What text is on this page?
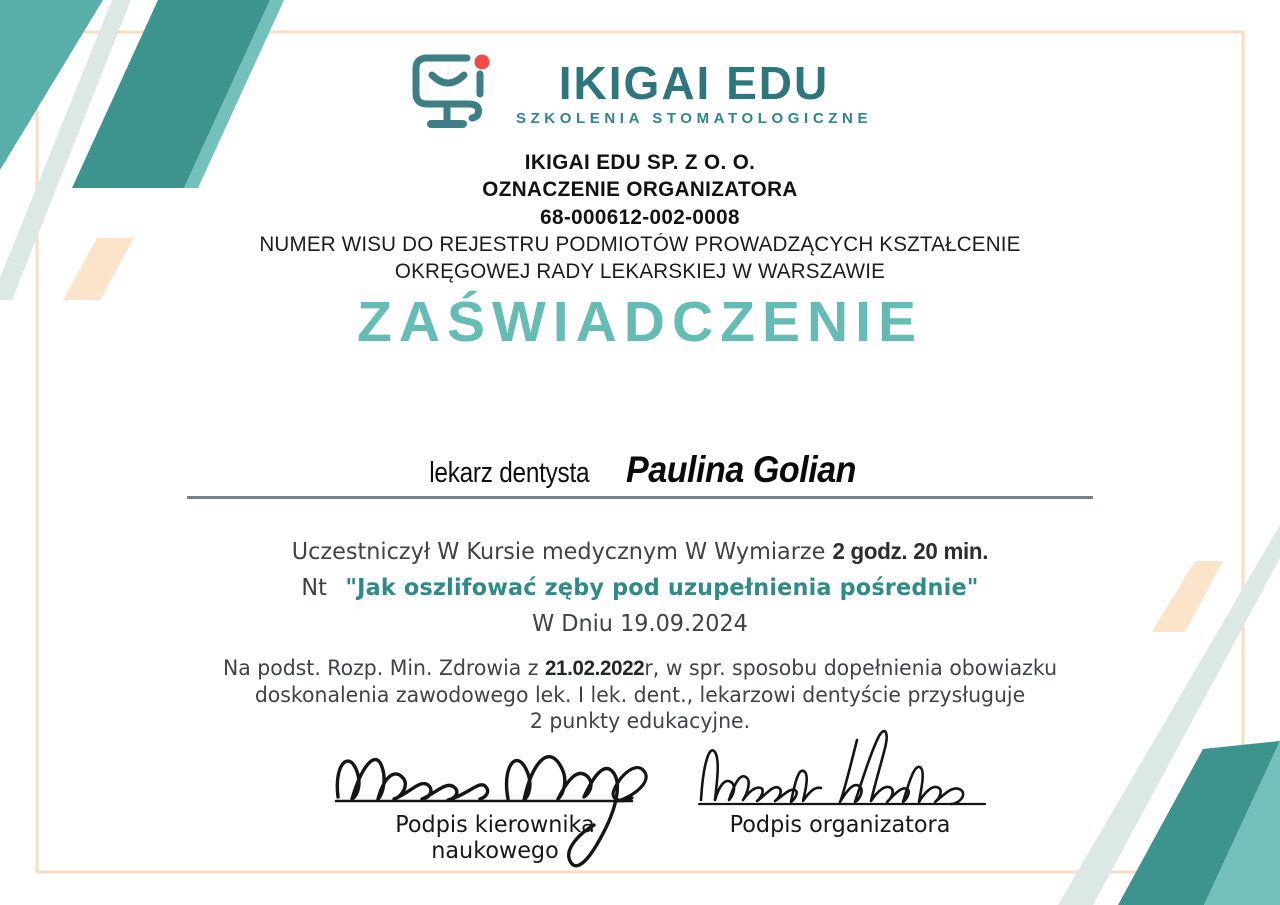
IKIGAI EDU
SZKOLENIA STOMATOLOGICZNE
IKIGAI EDU SP. Z O. O.
OZNACZENIE ORGANIZATORA
68-000612-002-0008
NUMER WISU DO REJESTRU PODMIOTÓW PROWADZĄCYCH KSZTAŁCENIE
OKRĘGOWEJ RADY LEKARSKIEJ W WARSZAWIE
ZAŚWIADCZENIE
lekarz dentysta Paulina Golian
Uczestniczył W Kursie medycznym W Wymiarze 2 godz. 20 min.
Nt "Jak oszlifować zęby pod uzupełnienia pośrednie"
W Dniu 19.09.2024
Na podst. Rozp. Min. Zdrowia z 21.02.2022r, w spr. sposobu dopełnienia obowiazku
doskonalenia zawodowego lek. I lek. dent., lekarzowi dentyście przysługuje
2 punkty edukacyjne.
Podpis kierownika naukowego
Podpis organizatora
